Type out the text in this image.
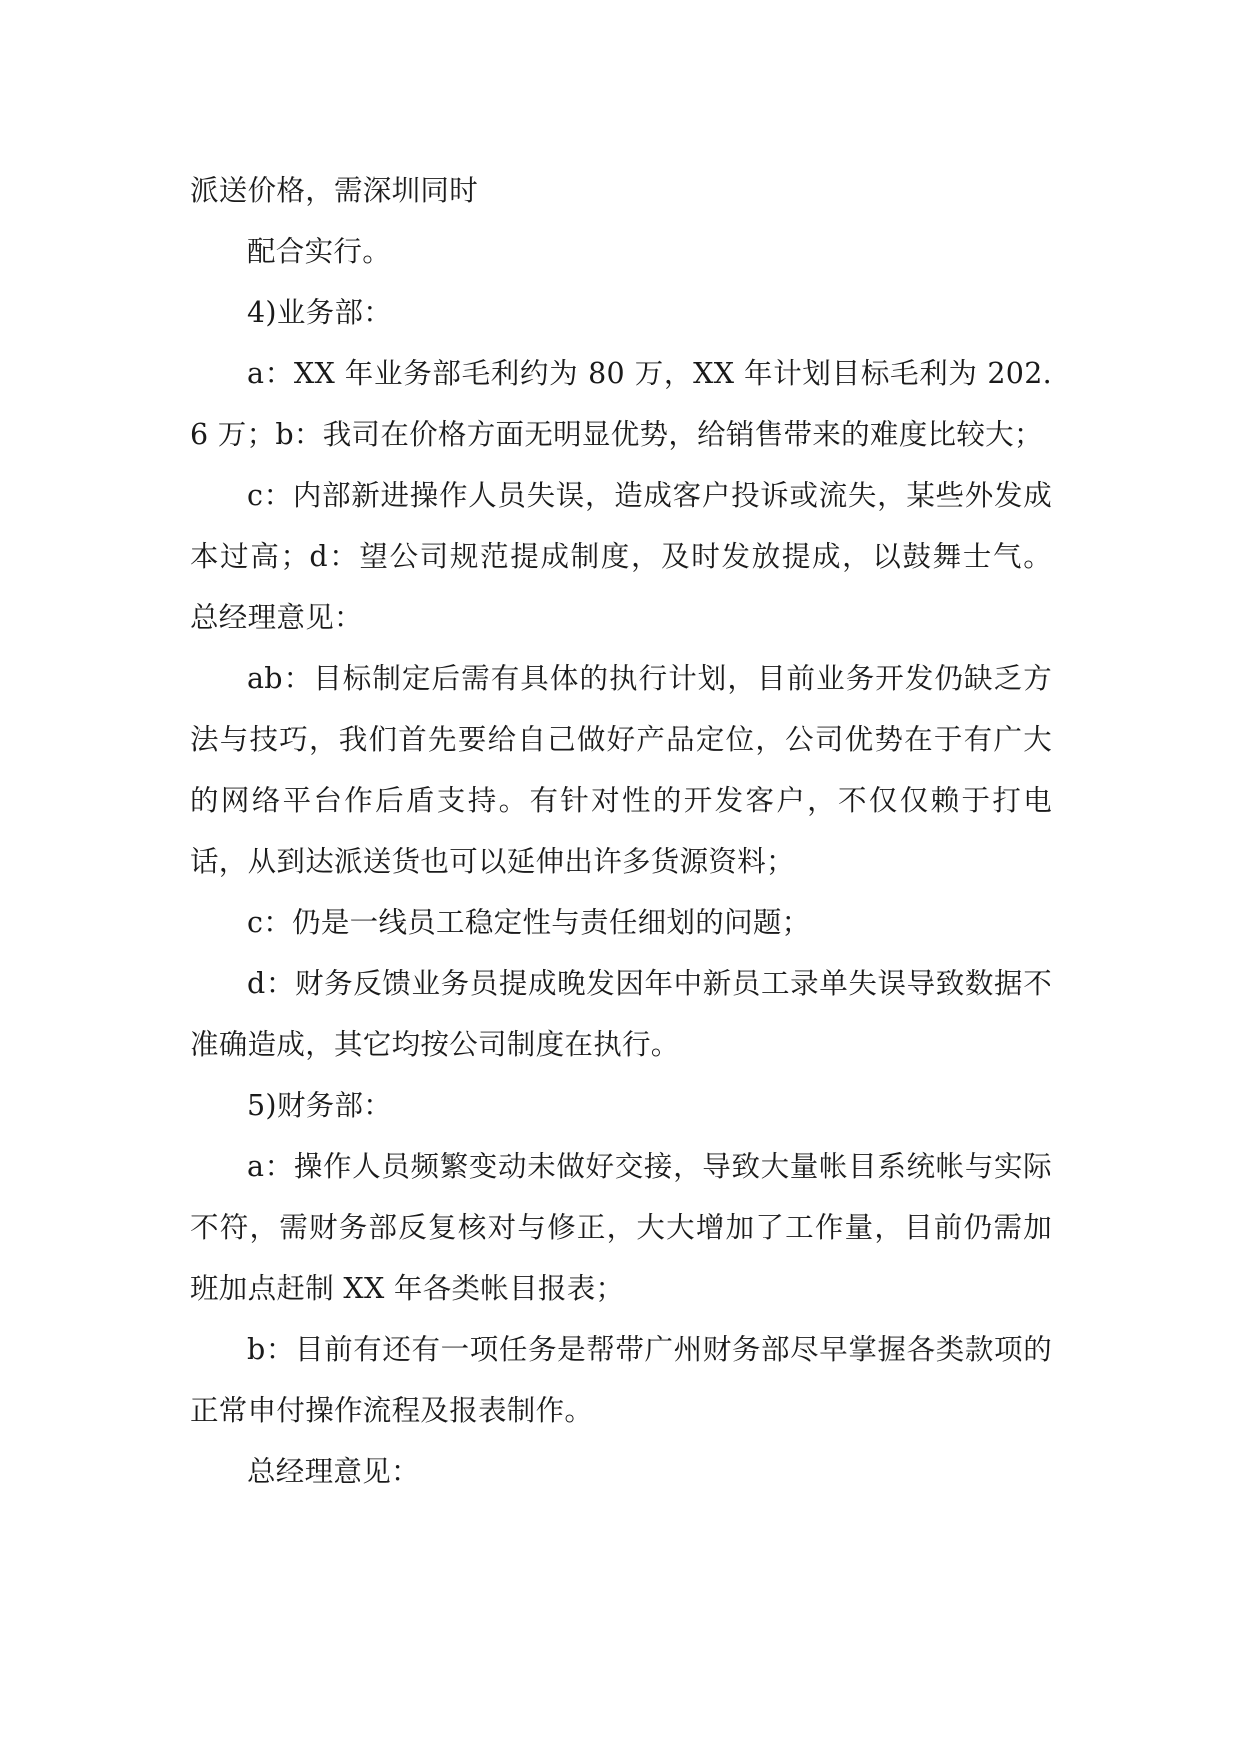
派送价格，需深圳同时

配合实行。

4)业务部：

a：XX 年业务部毛利约为 80 万，XX 年计划目标毛利为 202.6 万；b：我司在价格方面无明显优势，给销售带来的难度比较大；

c：内部新进操作人员失误，造成客户投诉或流失，某些外发成本过高；d：望公司规范提成制度，及时发放提成，以鼓舞士气。 总经理意见：

ab：目标制定后需有具体的执行计划，目前业务开发仍缺乏方法与技巧，我们首先要给自己做好产品定位，公司优势在于有广大的网络平台作后盾支持。有针对性的开发客户，不仅仅赖于打电话，从到达派送货也可以延伸出许多货源资料；

c：仍是一线员工稳定性与责任细划的问题；

d：财务反馈业务员提成晚发因年中新员工录单失误导致数据不准确造成，其它均按公司制度在执行。

5)财务部：

a：操作人员频繁变动未做好交接，导致大量帐目系统帐与实际不符，需财务部反复核对与修正，大大增加了工作量，目前仍需加班加点赶制 XX 年各类帐目报表；

b：目前有还有一项任务是帮带广州财务部尽早掌握各类款项的正常申付操作流程及报表制作。

总经理意见：
